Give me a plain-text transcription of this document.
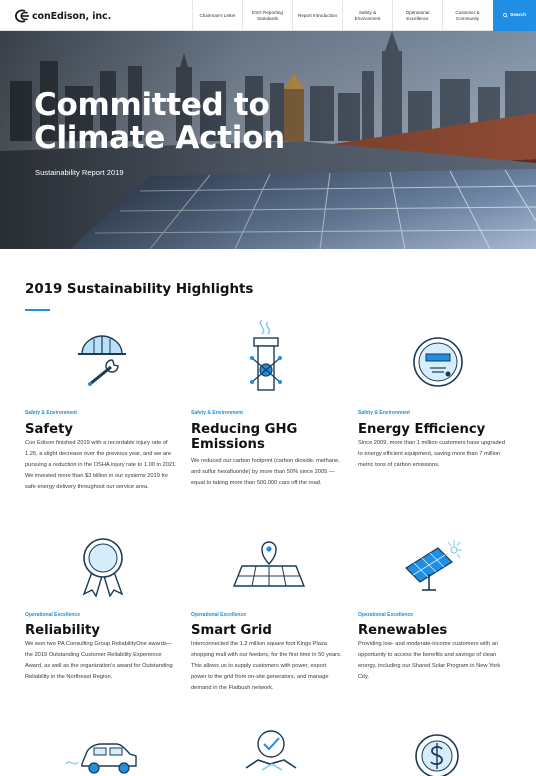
conEdison, inc.	Chairman's Letter
ESG Reporting Standards
Report Introduction
Safety & Environment
Operational Excellence
Customer & Community	Search
Committed to
Climate Action
Sustainability Report 2019
2019 Sustainability Highlights
Safety & Environment
Safety
Con Edison finished 2019 with a recordable injury rate of 1.26, a slight decrease over the previous year, and we are pursuing a reduction in the OSHA injury rate to 1.00 in 2021. We invested more than $3 billion in our systems 2019 for safe energy delivery throughout our service area.
Safety & Environment
Reducing GHG
Emissions
We reduced our carbon footprint (carbon dioxide, methane, and sulfur hexafluoride) by more than 50% since 2005 — equal to taking more than 500,000 cars off the road.
Safety & Environment
Energy Efficiency
Since 2009, more than 1 million customers have upgraded to energy efficient equipment, saving more than 7 million metric tons of carbon emissions.
Operational Excellence
Reliability
We won two PA Consulting Group ReliabilityOne awards—the 2019 Outstanding Customer Reliability Experience Award, as well as the organization's award for Outstanding Reliability in the Northeast Region.
Operational Excellence
Smart Grid
Interconnected the 1.2 million square foot Kings Plaza shopping mall with our feeders, for the first time in 50 years. This allows us to supply customers with power, export power to the grid from on-site generators, and manage demand in the Flatbush network.
Operational Excellence
Renewables
Providing low- and moderate-income customers with an opportunity to access the benefits and savings of clean energy, including our Shared Solar Program in New York City.
